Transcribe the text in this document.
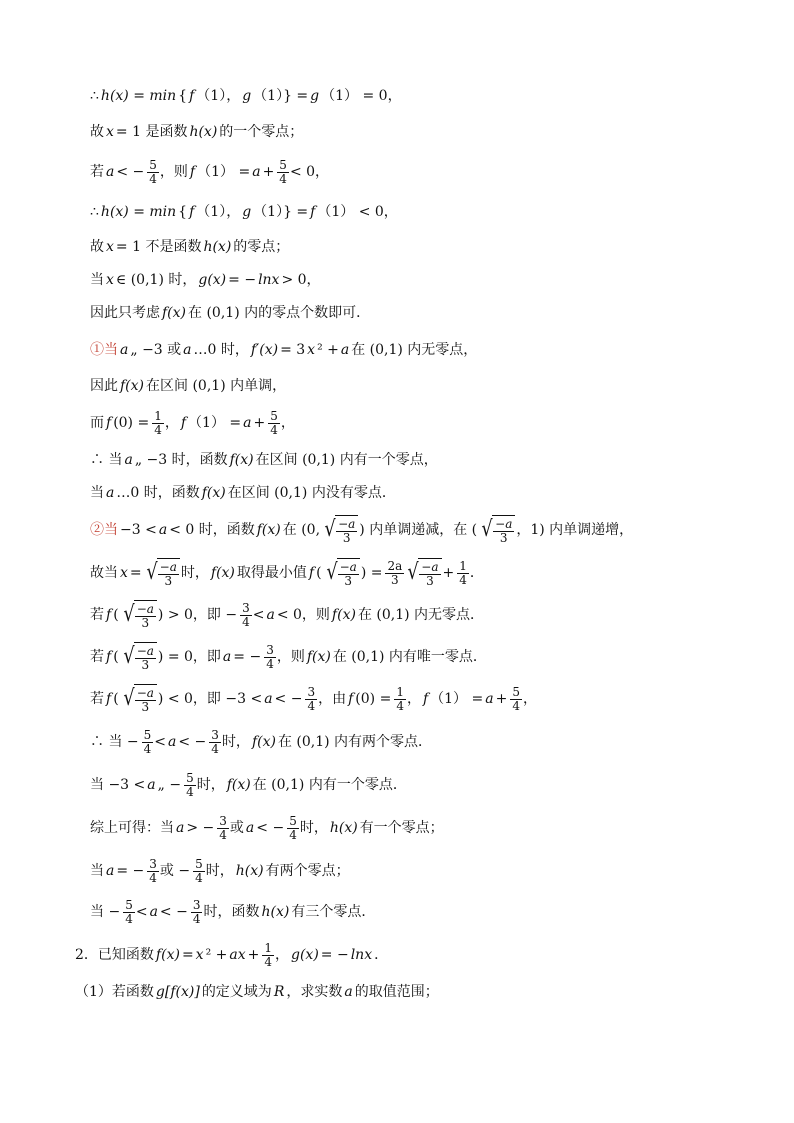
∴ h(x) = min { f （1）， g （1）} = g （1） = 0，
故 x = 1 是函数 h(x) 的一个零点；
若 a < − $\frac{5}{4}$ ，则 f $(1) = a + \frac{5}{4} < 0$，
∴ h(x) = min { f （1）， g （1）} = f （1） < 0，
故 x = 1 不是函数 h(x) 的零点；
当 x ∈ (0,1) 时， g(x) = − lnx > 0，
因此只考虑 f(x) 在 (0,1) 内的零点个数即可．
①当 a „ −3 或 a …0 时， f′(x) = 3 x ² + a 在 (0,1) 内无零点，
因此 f(x) 在区间 (0,1) 内单调，
而 f $(0) = \frac{1}{4}$ ， f $(1) = a + \frac{5}{4}$ ，
∴ 当 a „ −3 时，函数 f(x) 在区间 (0,1) 内有一个零点，
当 a …0 时，函数 f(x) 在区间 (0,1) 内没有零点．
②当 −3 < a < 0 时，函数 f(x) 在 (0, √ $\frac{-a}{3}$ ) 内单调递减，在 ( √ $\frac{-a}{3}$ ，1) 内单调递增，
故当 x = √ $\frac{-a}{3}$ 时， f(x) 取得最小值 f ( √ $\frac{-a}{3}$ ) = $\frac{2a}{3}$ √ $\frac{-a}{3} + \frac{1}{4}$ ．
若 f ( √ $\frac{-a}{3}$ ) > 0，即 − $\frac{3}{4} < a < 0$，则 f(x) 在 (0,1) 内无零点．
若 f ( √ $\frac{-a}{3}$ ) = 0，即 a = − $\frac{3}{4}$ ，则 f(x) 在 (0,1) 内有唯一零点．
若 f ( √ $\frac{-a}{3}$ ) < 0，即 −3 < a < − $\frac{3}{4}$ ，由 f $(0) = \frac{1}{4}$ ， f $(1) = a + \frac{5}{4}$ ，
∴ 当 − $\frac{5}{4} < a$ < − $\frac{3}{4}$ 时， f(x) 在 (0,1) 内有两个零点．
当 −3 < a „ − $\frac{5}{4}$ 时， f(x) 在 (0,1) 内有一个零点．
综上可得：当 a > − $\frac{3}{4}$ 或 a < − $\frac{5}{4}$ 时， h(x) 有一个零点；
当 a = − $\frac{3}{4}$ 或 − $\frac{5}{4}$ 时， h(x) 有两个零点；
当 − $\frac{5}{4} < a$ < − $\frac{3}{4}$ 时，函数 h(x) 有三个零点．
2．已知函数 f(x) = x ² + ax + $\frac{1}{4}$ ， g(x) = − lnx ．
（1）若函数 g[f(x)] 的定义域为 R ，求实数 a 的取值范围；
